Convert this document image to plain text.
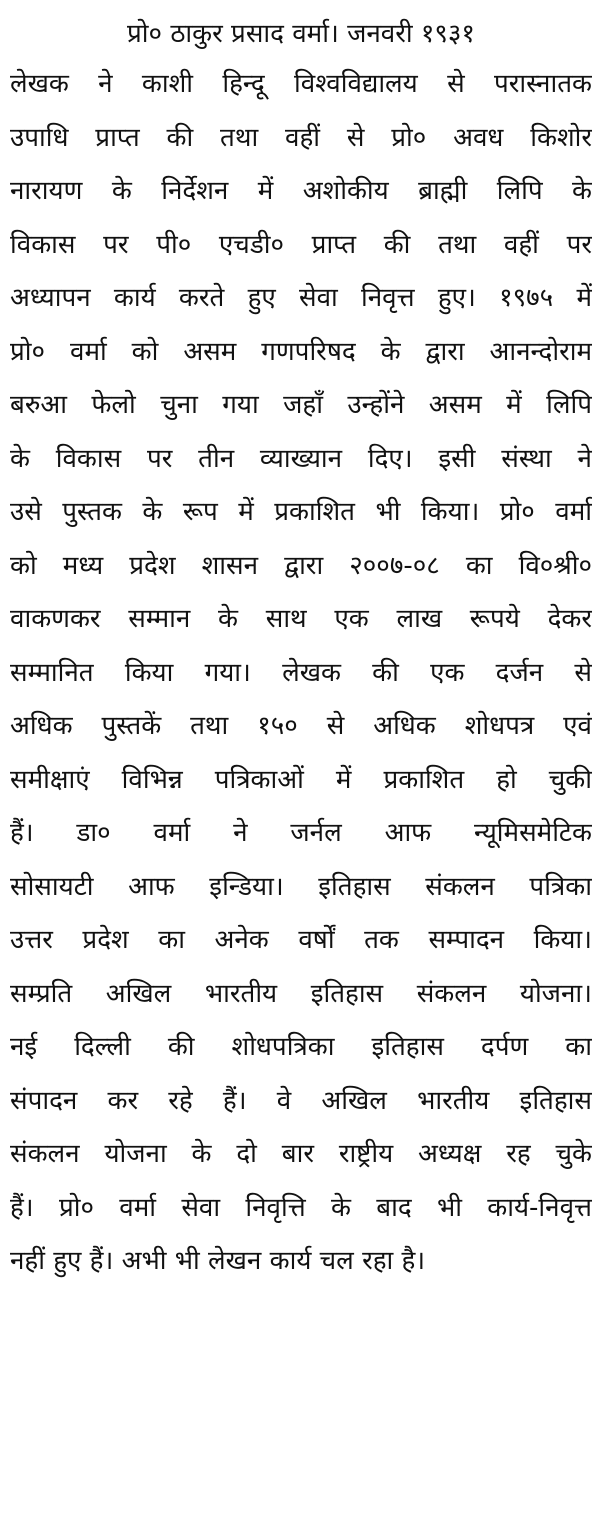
प्रो० ठाकुर प्रसाद वर्मा। जनवरी १९३१
लेखक ने काशी हिन्दू विश्वविद्यालय से परास्नातक
उपाधि प्राप्त की तथा वहीं से प्रो० अवध किशोर
नारायण के निर्देशन में अशोकीय ब्राह्मी लिपि के
विकास पर पी० एचडी० प्राप्त की तथा वहीं पर
अध्यापन कार्य करते हुए सेवा निवृत्त हुए। १९७५ में
प्रो० वर्मा को असम गणपरिषद के द्वारा आनन्दोराम
बरुआ फेलो चुना गया जहाँ उन्होंने असम में लिपि
के विकास पर तीन व्याख्यान दिए। इसी संस्था ने
उसे पुस्तक के रूप में प्रकाशित भी किया। प्रो० वर्मा
को मध्य प्रदेश शासन द्वारा २००७-०८ का वि०श्री०
वाकणकर सम्मान के साथ एक लाख रूपये देकर
सम्मानित किया गया। लेखक की एक दर्जन से
अधिक पुस्तकें तथा १५० से अधिक शोधपत्र एवं
समीक्षाएं विभिन्न पत्रिकाओं में प्रकाशित हो चुकी
हैं। डा० वर्मा ने जर्नल आफ न्यूमिसमेटिक
सोसायटी आफ इन्डिया। इतिहास संकलन पत्रिका
उत्तर प्रदेश का अनेक वर्षों तक सम्पादन किया।
सम्प्रति अखिल भारतीय इतिहास संकलन योजना।
नई दिल्ली की शोधपत्रिका इतिहास दर्पण का
संपादन कर रहे हैं। वे अखिल भारतीय इतिहास
संकलन योजना के दो बार राष्ट्रीय अध्यक्ष रह चुके
हैं। प्रो० वर्मा सेवा निवृत्ति के बाद भी कार्य-निवृत्त
नहीं हुए हैं। अभी भी लेखन कार्य चल रहा है।
